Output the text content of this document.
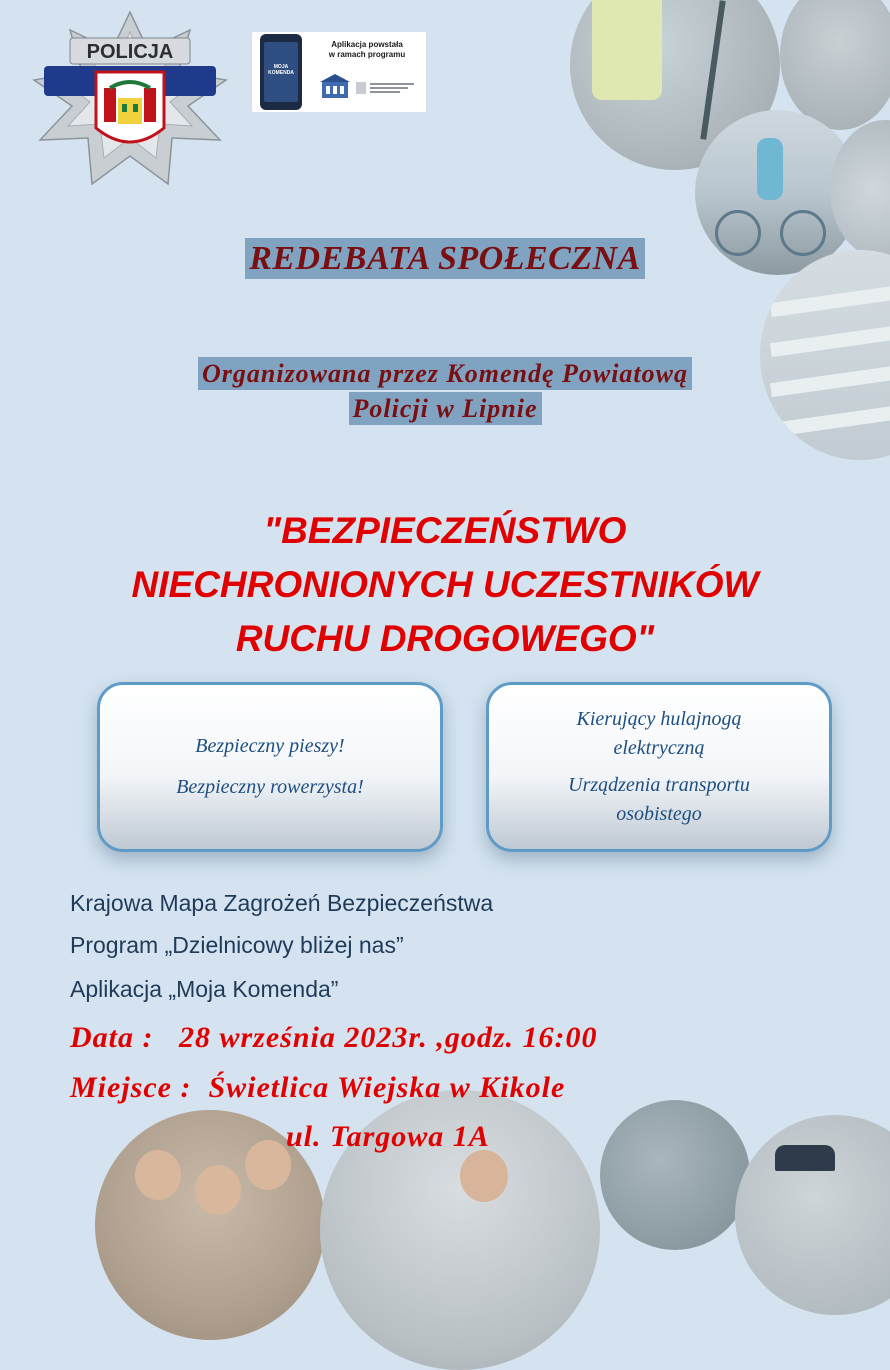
POLICJA
MOJA
KOMENDA
Aplikacja powstała
w ramach programu
REDEBATA SPOŁECZNA
Organizowana przez Komendę Powiatową
Policji w Lipnie
"BEZPIECZEŃSTWO
NIECHRONIONYCH UCZESTNIKÓW
RUCHU DROGOWEGO"
Bezpieczny pieszy!
Bezpieczny rowerzysta!
Kierujący hulajnogą
elektryczną
Urządzenia transportu
osobistego
Krajowa Mapa Zagrożeń Bezpieczeństwa
Program „Dzielnicowy bliżej nas”
Aplikacja „Moja Komenda”
Data :   28 września 2023r. ,godz. 16:00
Miejsce :  Świetlica Wiejska w Kikole
ul. Targowa 1A
